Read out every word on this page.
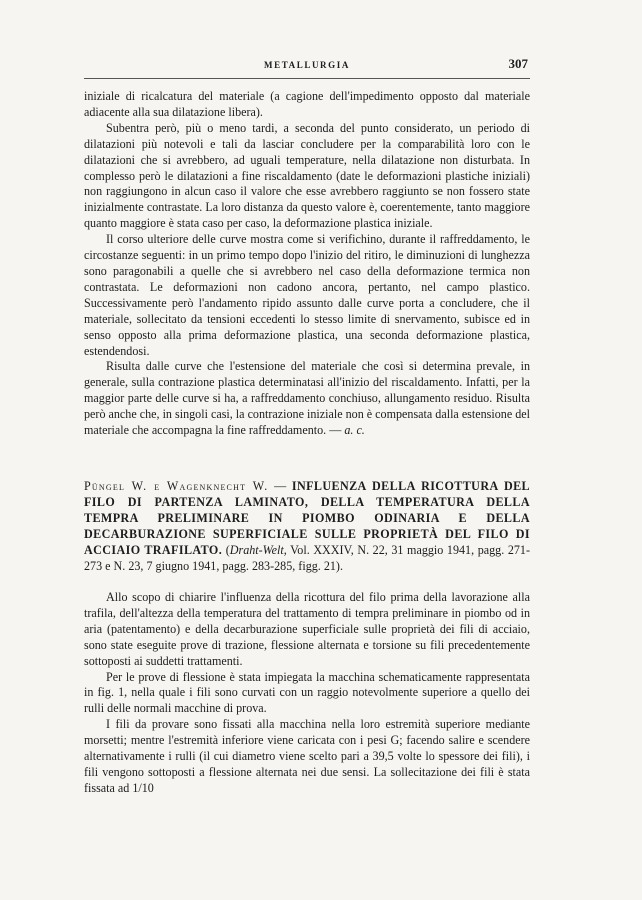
METALLURGIA	307

iniziale di ricalcatura del materiale (a cagione dell'impedimento opposto dal materiale adiacente alla sua dilatazione libera).

Subentra però, più o meno tardi, a seconda del punto considerato, un periodo di dilatazioni più notevoli e tali da lasciar concludere per la comparabilità loro con le dilatazioni che si avrebbero, ad uguali temperature, nella dilatazione non disturbata. In complesso però le dilatazioni a fine riscaldamento (date le deformazioni plastiche iniziali) non raggiungono in alcun caso il valore che esse avrebbero raggiunto se non fossero state inizialmente contrastate. La loro distanza da questo valore è, coerentemente, tanto maggiore quanto maggiore è stata caso per caso, la deformazione plastica iniziale.

Il corso ulteriore delle curve mostra come si verifichino, durante il raffreddamento, le circostanze seguenti: in un primo tempo dopo l'inizio del ritiro, le diminuzioni di lunghezza sono paragonabili a quelle che si avrebbero nel caso della deformazione termica non contrastata. Le deformazioni non cadono ancora, pertanto, nel campo plastico. Successivamente però l'andamento ripido assunto dalle curve porta a concludere, che il materiale, sollecitato da tensioni eccedenti lo stesso limite di snervamento, subisce ed in senso opposto alla prima deformazione plastica, una seconda deformazione plastica, estendendosi.

Risulta dalle curve che l'estensione del materiale che così si determina prevale, in generale, sulla contrazione plastica determinatasi all'inizio del riscaldamento. Infatti, per la maggior parte delle curve si ha, a raffreddamento conchiuso, allungamento residuo. Risulta però anche che, in singoli casi, la contrazione iniziale non è compensata dalla estensione del materiale che accompagna la fine raffreddamento. — a. c.

Püngel W. e Wagenknecht W. — INFLUENZA DELLA RICOTTURA DEL FILO DI PARTENZA LAMINATO, DELLA TEMPERATURA DELLA TEMPRA PRELIMINARE IN PIOMBO ODINARIA E DELLA DECARBURAZIONE SUPERFICIALE SULLE PROPRIETÀ DEL FILO DI ACCIAIO TRAFILATO. (Draht-Welt, Vol. XXXIV, N. 22, 31 maggio 1941, pagg. 271-273 e N. 23, 7 giugno 1941, pagg. 283-285, figg. 21).

Allo scopo di chiarire l'influenza della ricottura del filo prima della lavorazione alla trafila, dell'altezza della temperatura del trattamento di tempra preliminare in piombo od in aria (patentamento) e della decarburazione superficiale sulle proprietà dei fili di acciaio, sono state eseguite prove di trazione, flessione alternata e torsione su fili precedentemente sottoposti ai suddetti trattamenti.

Per le prove di flessione è stata impiegata la macchina schematicamente rappresentata in fig. 1, nella quale i fili sono curvati con un raggio notevolmente superiore a quello dei rulli delle normali macchine di prova.

I fili da provare sono fissati alla macchina nella loro estremità superiore mediante morsetti; mentre l'estremità inferiore viene caricata con i pesi G; facendo salire e scendere alternativamente i rulli (il cui diametro viene scelto pari a 39,5 volte lo spessore dei fili), i fili vengono sottoposti a flessione alternata nei due sensi. La sollecitazione dei fili è stata fissata ad 1/10
